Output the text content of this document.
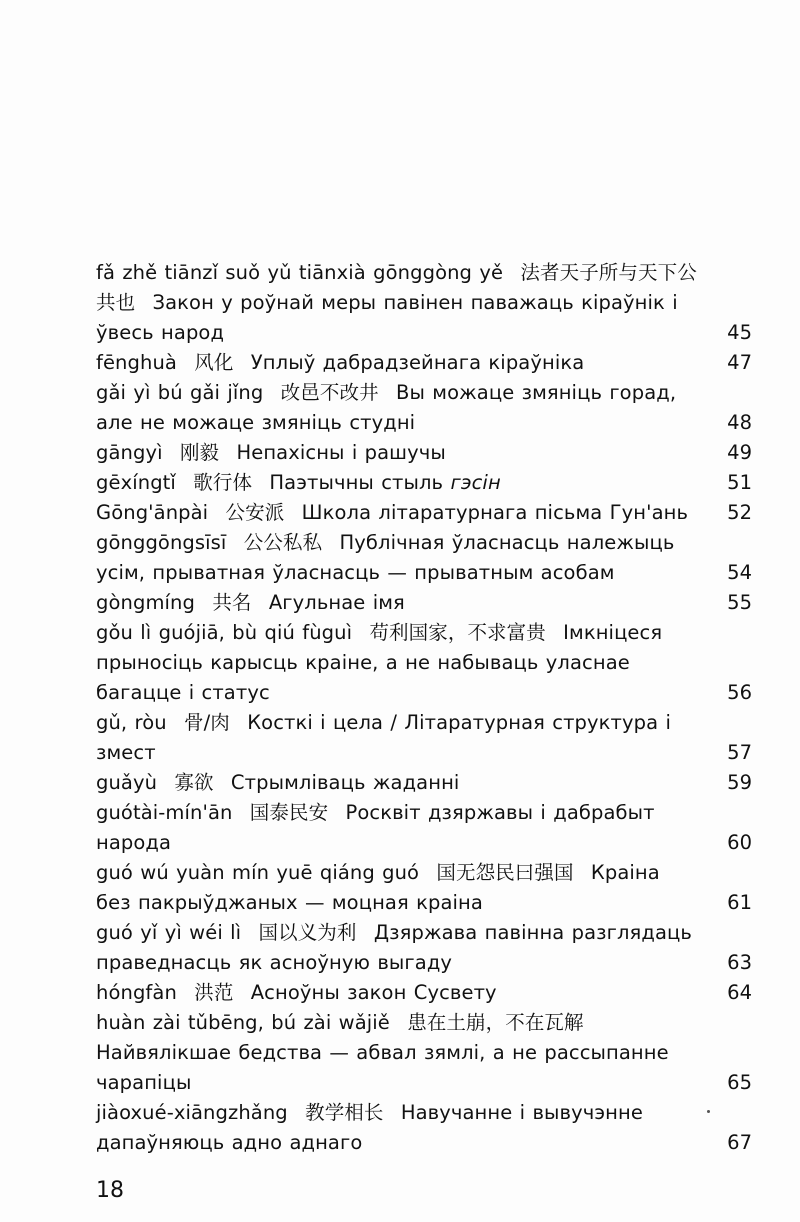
fǎ zhě tiānzǐ suǒ yǔ tiānxià gōnggòng yě 法者天子所与天下公共也 Закон у роўнай меры павінен паважаць кіраўнік і ўвесь народ	45
fēnghuà 风化 Уплыў дабрадзейнага кіраўніка	47
gǎi yì bú gǎi jǐng 改邑不改井 Вы можаце змяніць горад, але не можаце змяніць студні	48
gāngyì 刚毅 Непахісны і рашучы	49
gēxíngtǐ 歌行体 Паэтычны стыль гэсін	51
Gōng'ānpài 公安派 Школа літаратурнага пісьма Гун'ань	52
gōnggōngsīsī 公公私私 Публічная ўласнасць належыць усім, прыватная ўласнасць — прыватным асобам	54
gòngmíng 共名 Агульнае імя	55
gǒu lì guójiā, bù qiú fùguì 苟利国家，不求富贵 Імкніцеся прыносіць карысць краіне, а не набываць уласнае багацце і статус	56
gǔ, ròu 骨/肉 Косткі і цела / Літаратурная структура і змест	57
guǎyù 寡欲 Стрымліваць жаданні	59
guótài-mín'ān 国泰民安 Росквіт дзяржавы і дабрабыт народа	60
guó wú yuàn mín yuē qiáng guó 国无怨民曰强国 Краіна без пакрыўджаных — моцная краіна	61
guó yǐ yì wéi lì 国以义为利 Дзяржава павінна разглядаць праведнасць як асноўную выгаду	63
hóngfàn 洪范 Асноўны закон Сусвету	64
huàn zài tǔbēng, bú zài wǎjiě 患在土崩，不在瓦解 Найвялікшае бедства — абвал зямлі, а не рассыпанне чарапіцы	65
jiàoxué-xiāngzhǎng 教学相长 Навучанне і вывучэнне дапаўняюць адно аднаго	67
18
